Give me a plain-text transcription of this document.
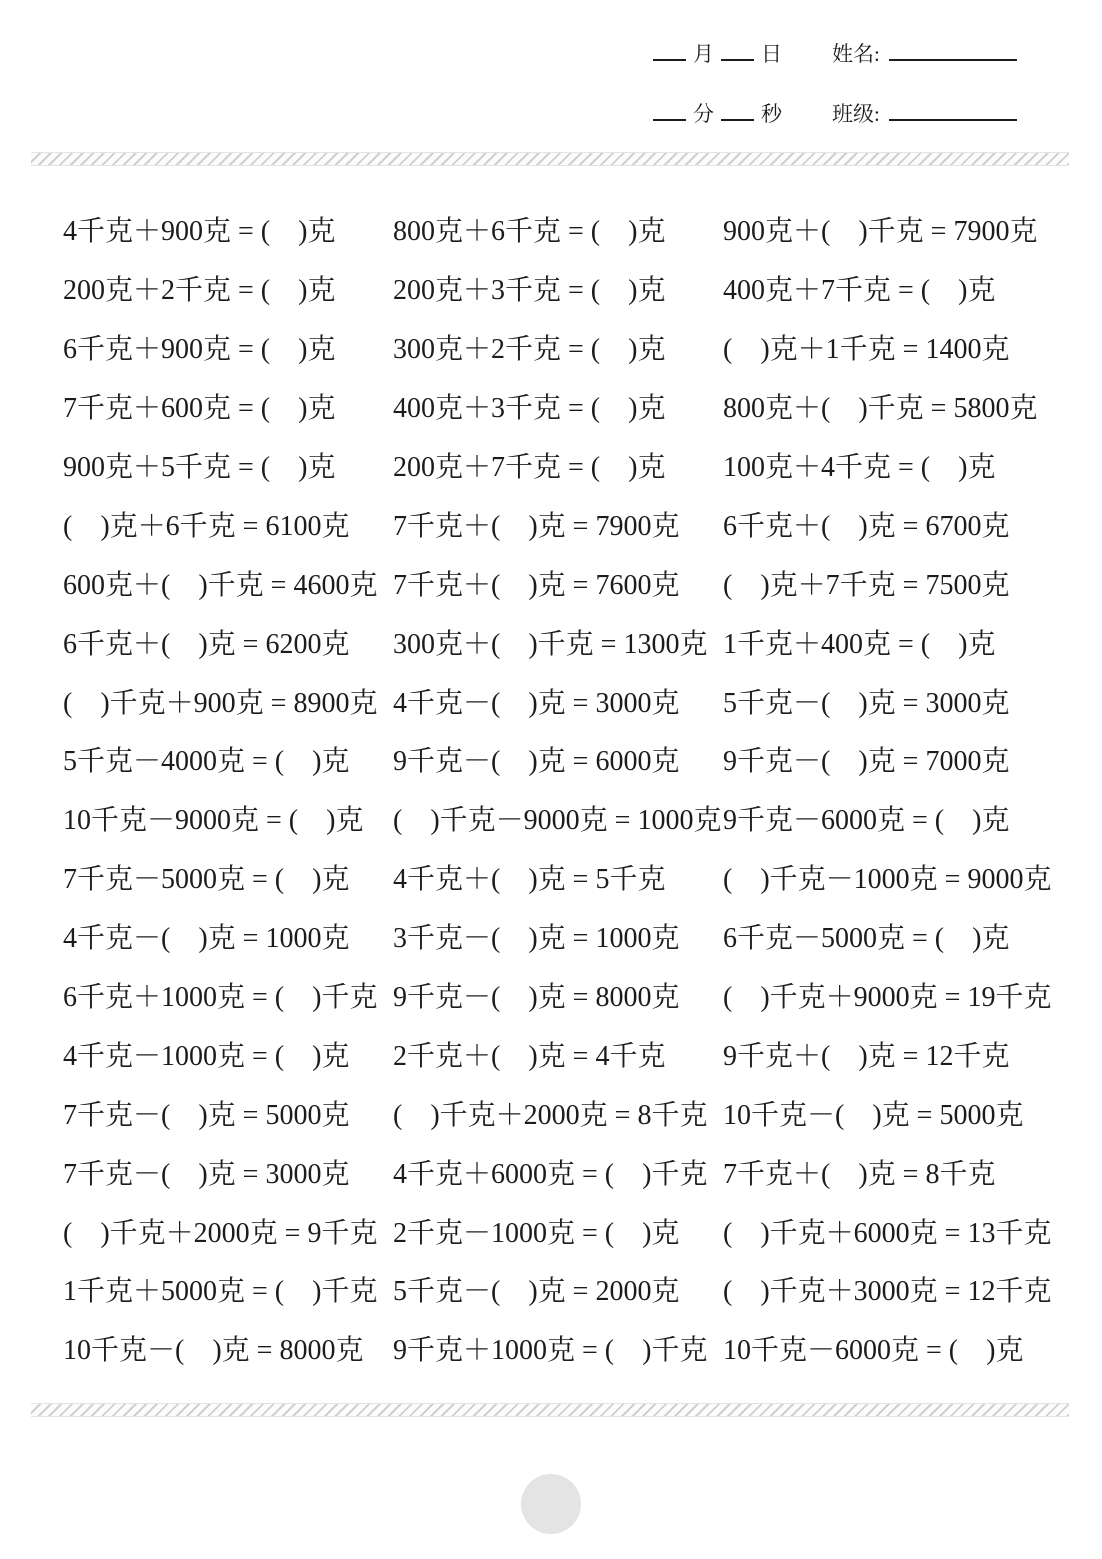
月 日 姓名:
分 秒 班级:
4千克＋900克 = (　)克	800克＋6千克 = (　)克	900克＋(　)千克 = 7900克
200克＋2千克 = (　)克	200克＋3千克 = (　)克	400克＋7千克 = (　)克
6千克＋900克 = (　)克	300克＋2千克 = (　)克	(　)克＋1千克 = 1400克
7千克＋600克 = (　)克	400克＋3千克 = (　)克	800克＋(　)千克 = 5800克
900克＋5千克 = (　)克	200克＋7千克 = (　)克	100克＋4千克 = (　)克
(　)克＋6千克 = 6100克	7千克＋(　)克 = 7900克	6千克＋(　)克 = 6700克
600克＋(　)千克 = 4600克 7千克＋(　)克 = 7600克	(　)克＋7千克 = 7500克
6千克＋(　)克 = 6200克	300克＋(　)千克 = 1300克 1千克＋400克 = (　)克
(　)千克＋900克 = 8900克 4千克－(　)克 = 3000克	5千克－(　)克 = 3000克
5千克－4000克 = (　)克	9千克－(　)克 = 6000克	9千克－(　)克 = 7000克
10千克－9000克 = (　)克	(　)千克－9000克 = 1000克 9千克－6000克 = (　)克
7千克－5000克 = (　)克	4千克＋(　)克 = 5千克	(　)千克－1000克 = 9000克
4千克－(　)克 = 1000克	3千克－(　)克 = 1000克	6千克－5000克 = (　)克
6千克＋1000克 = (　)千克 9千克－(　)克 = 8000克	(　)千克＋9000克 = 19千克
4千克－1000克 = (　)克	2千克＋(　)克 = 4千克	9千克＋(　)克 = 12千克
7千克－(　)克 = 5000克	(　)千克＋2000克 = 8千克 10千克－(　)克 = 5000克
7千克－(　)克 = 3000克	4千克＋6000克 = (　)千克 7千克＋(　)克 = 8千克
(　)千克＋2000克 = 9千克 2千克－1000克 = (　)克	(　)千克＋6000克 = 13千克
1千克＋5000克 = (　)千克 5千克－(　)克 = 2000克	(　)千克＋3000克 = 12千克
10千克－(　)克 = 8000克	9千克＋1000克 = (　)千克 10千克－6000克 = (　)克
